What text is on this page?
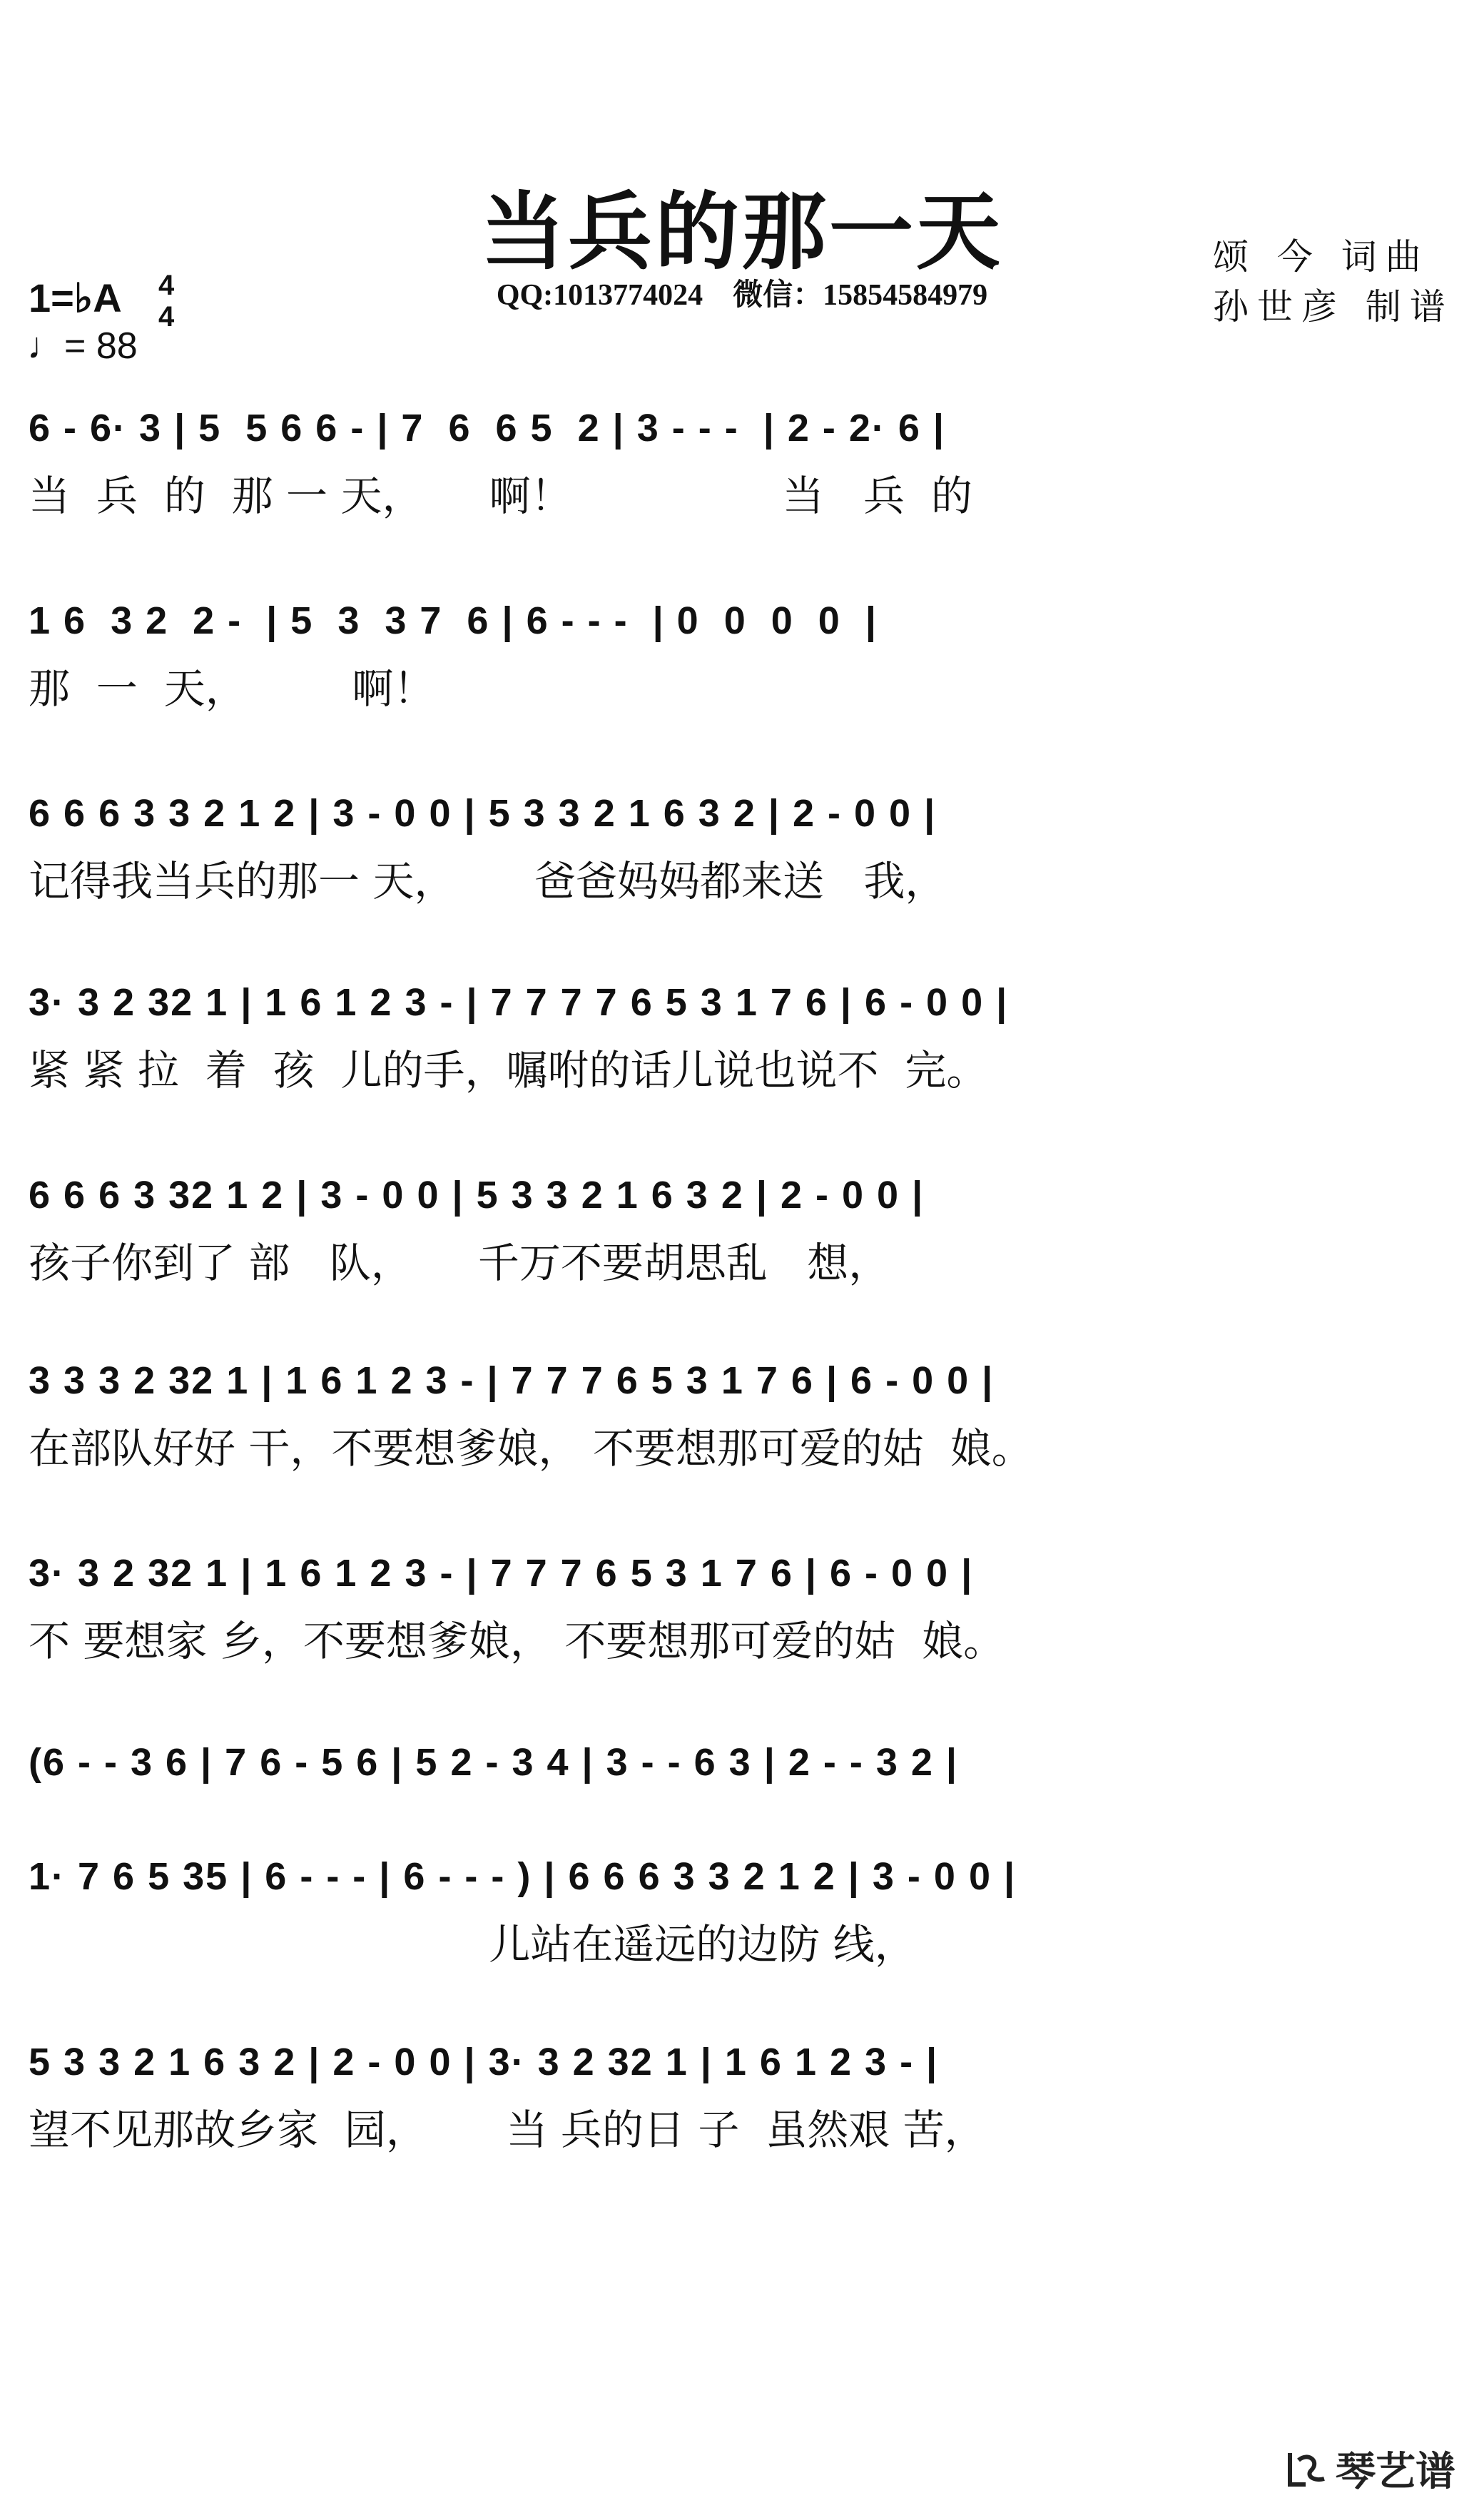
当兵的那一天	颂 今 词曲
孙世彦 制谱
QQ:1013774024　微信：15854584979
1=♭A 4
4
♩= 88
6 - 6· 3 | 5  5 6 6 - | 7  6  6 5  2 | 3 - - -  | 2 - 2· 6 |
当  兵  的  那 一 天，     啊！                当   兵  的
1 6  3 2  2 -  | 5  3  3 7  6 | 6 - - -  | 0  0  0  0  |
那  一  天，        啊！
6 6 6 3 3 2 1 2 | 3 - 0 0 | 5 3 3 2 1 6 3 2 | 2 - 0 0 |
记得我当兵的那一 天，      爸爸妈妈都来送   我，
3· 3 2 32 1 | 1 6 1 2 3 - | 7 7 7 7 6 5 3 1 7 6 | 6 - 0 0 |
紧 紧 拉  着  孩  儿的手，嘱咐的话儿说也说不  完。
6 6 6 3 32 1 2 | 3 - 0 0 | 5 3 3 2 1 6 3 2 | 2 - 0 0 |
孩子你到了 部   队，     千万不要胡思乱   想，
3 3 3 2 32 1 | 1 6 1 2 3 - | 7 7 7 6 5 3 1 7 6 | 6 - 0 0 |
在部队好好 干，不要想爹娘， 不要想那可爱的姑  娘。
3· 3 2 32 1 | 1 6 1 2 3 - | 7 7 7 6 5 3 1 7 6 | 6 - 0 0 |
不 要想家 乡，不要想爹娘， 不要想那可爱的姑  娘。
(6 - - 3 6 | 7 6 - 5 6 | 5 2 - 3 4 | 3 - - 6 3 | 2 - - 3 2 |
1· 7 6 5 35 | 6 - - - | 6 - - - ) | 6 6 6 3 3 2 1 2 | 3 - 0 0 |
儿站在遥远的边防 线，
5 3 3 2 1 6 3 2 | 2 - 0 0 | 3· 3 2 32 1 | 1 6 1 2 3 - |
望不见那故乡家  园，      当 兵的日 子  虽然艰 苦，
琴艺谱
